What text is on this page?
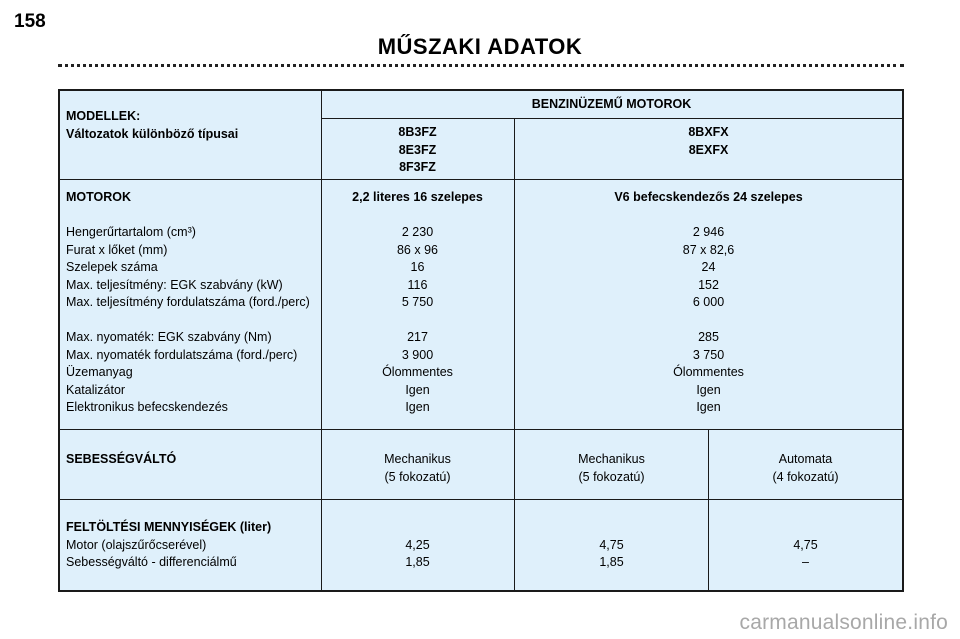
158
MŰSZAKI ADATOK
MODELLEK:
Változatok különböző típusai
BENZINÜZEMŰ MOTOROK
8B3FZ
8E3FZ
8F3FZ
8BXFX
8EXFX
MOTOROK
Hengerűrtartalom (cm³)
Furat x lőket (mm)
Szelepek száma
Max. teljesítmény: EGK szabvány (kW)
Max. teljesítmény fordulatszáma (ford./perc)
Max. nyomaték: EGK szabvány (Nm)
Max. nyomaték fordulatszáma (ford./perc)
Üzemanyag
Katalizátor
Elektronikus befecskendezés
2,2 literes 16 szelepes
2 230
86 x 96
16
116
5 750
217
3 900
Ólommentes
Igen
Igen
V6 befecskendezős 24 szelepes
2 946
87 x 82,6
24
152
6 000
285
3 750
Ólommentes
Igen
Igen
SEBESSÉGVÁLTÓ	Mechanikus
(5 fokozatú)
Mechanikus
(5 fokozatú)
Automata
(4 fokozatú)
FELTÖLTÉSI MENNYISÉGEK (liter)
Motor (olajszűrőcserével)
Sebességváltó - differenciálmű
4,25
1,85
4,75
1,85
4,75
–
carmanualsonline.info
